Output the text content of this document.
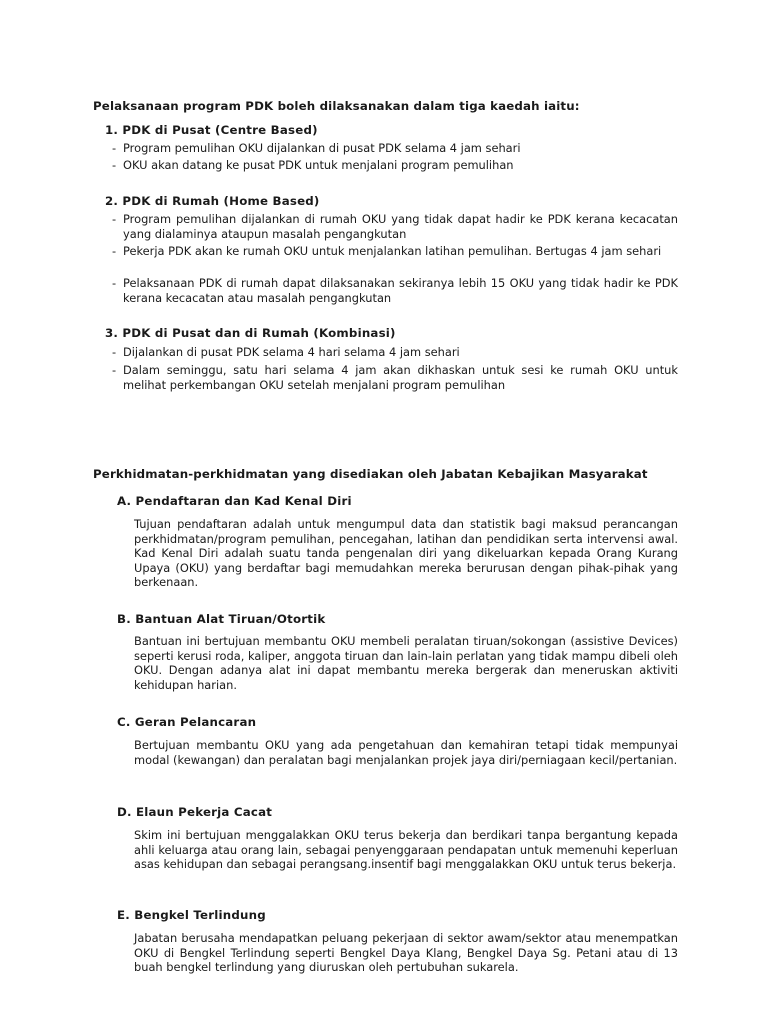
Pelaksanaan program PDK boleh dilaksanakan dalam tiga kaedah iaitu:
1. PDK di Pusat (Centre Based)
- Program pemulihan OKU dijalankan di pusat PDK selama 4 jam sehari
- OKU akan datang ke pusat PDK untuk menjalani program pemulihan
2. PDK di Rumah (Home Based)
- Program pemulihan dijalankan di rumah OKU yang tidak dapat hadir ke PDK kerana kecacatan yang dialaminya ataupun masalah pengangkutan
- Pekerja PDK akan ke rumah OKU untuk menjalankan latihan pemulihan. Bertugas 4 jam sehari
- Pelaksanaan PDK di rumah dapat dilaksanakan sekiranya lebih 15 OKU yang tidak hadir ke PDK kerana kecacatan atau masalah pengangkutan
3. PDK di Pusat dan di Rumah (Kombinasi)
- Dijalankan di pusat PDK selama 4 hari selama 4 jam sehari
- Dalam seminggu, satu hari selama 4 jam akan dikhaskan untuk sesi ke rumah OKU untuk melihat perkembangan OKU setelah menjalani program pemulihan
Perkhidmatan-perkhidmatan yang disediakan oleh Jabatan Kebajikan Masyarakat
A. Pendaftaran dan Kad Kenal Diri
Tujuan pendaftaran adalah untuk mengumpul data dan statistik bagi maksud perancangan perkhidmatan/program pemulihan, pencegahan, latihan dan pendidikan serta intervensi awal. Kad Kenal Diri adalah suatu tanda pengenalan diri yang dikeluarkan kepada Orang Kurang Upaya (OKU) yang berdaftar bagi memudahkan mereka berurusan dengan pihak-pihak yang berkenaan.
B. Bantuan Alat Tiruan/Otortik
Bantuan ini bertujuan membantu OKU membeli peralatan tiruan/sokongan (assistive Devices) seperti kerusi roda, kaliper, anggota tiruan dan lain-lain perlatan yang tidak mampu dibeli oleh OKU. Dengan adanya alat ini dapat membantu mereka bergerak dan meneruskan aktiviti kehidupan harian.
C. Geran Pelancaran
Bertujuan membantu OKU yang ada pengetahuan dan kemahiran tetapi tidak mempunyai modal (kewangan) dan peralatan bagi menjalankan projek jaya diri/perniagaan kecil/pertanian.
D. Elaun Pekerja Cacat
Skim ini bertujuan menggalakkan OKU terus bekerja dan berdikari tanpa bergantung kepada ahli keluarga atau orang lain, sebagai penyenggaraan pendapatan untuk memenuhi keperluan asas kehidupan dan sebagai perangsang.insentif bagi menggalakkan OKU untuk terus bekerja.
E. Bengkel Terlindung
Jabatan berusaha mendapatkan peluang pekerjaan di sektor awam/sektor atau menempatkan OKU di Bengkel Terlindung seperti Bengkel Daya Klang, Bengkel Daya Sg. Petani atau di 13 buah bengkel terlindung yang diuruskan oleh pertubuhan sukarela.
